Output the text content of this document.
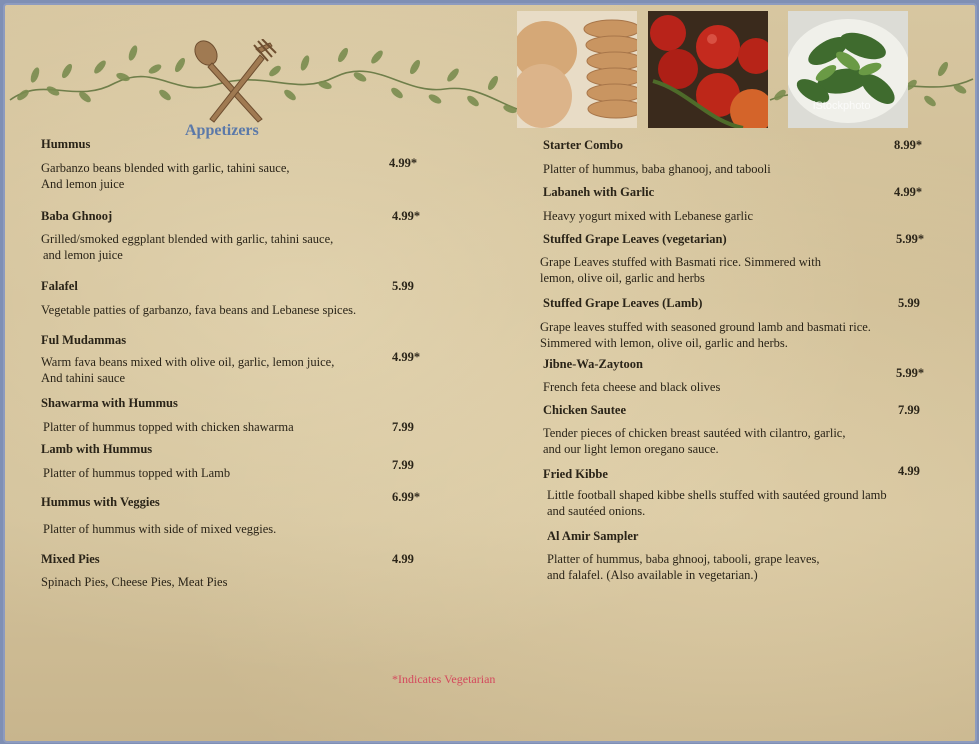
iStockphoto
Appetizers
Hummus
4.99*
Garbanzo beans blended with garlic, tahini sauce,
And lemon juice
Baba Ghnooj	4.99*
Grilled/smoked eggplant blended with garlic, tahini sauce,
and lemon juice
Falafel	5.99
Vegetable patties of garbanzo, fava beans and Lebanese spices.
Ful Mudammas
4.99*
Warm fava beans mixed with olive oil, garlic, lemon juice,
And tahini sauce
Shawarma with Hummus
Platter of hummus topped with chicken shawarma	7.99
Lamb with Hummus
7.99
Platter of hummus topped with Lamb
Hummus with Veggies	6.99*
Platter of hummus with side of mixed veggies.
Mixed Pies	4.99
Spinach Pies, Cheese Pies, Meat Pies
Starter Combo	8.99*
Platter of hummus, baba ghanooj, and tabooli
Labaneh with Garlic	4.99*
Heavy yogurt mixed with Lebanese garlic
Stuffed Grape Leaves (vegetarian)	5.99*
Grape Leaves stuffed with Basmati rice. Simmered with
lemon, olive oil, garlic and herbs
Stuffed Grape Leaves (Lamb)	5.99
Grape leaves stuffed with seasoned ground lamb and basmati rice.
Simmered with lemon, olive oil, garlic and herbs.
Jibne-Wa-Zaytoon
5.99*
French feta cheese and black olives
Chicken Sautee	7.99
Tender pieces of chicken breast sautéed with cilantro, garlic,
and our light lemon oregano sauce.
Fried Kibbe	4.99
Little football shaped kibbe shells stuffed with sautéed ground lamb
and sautéed onions.
Al Amir Sampler
Platter of hummus, baba ghnooj, tabooli, grape leaves,
and falafel. (Also available in vegetarian.)
*Indicates Vegetarian
